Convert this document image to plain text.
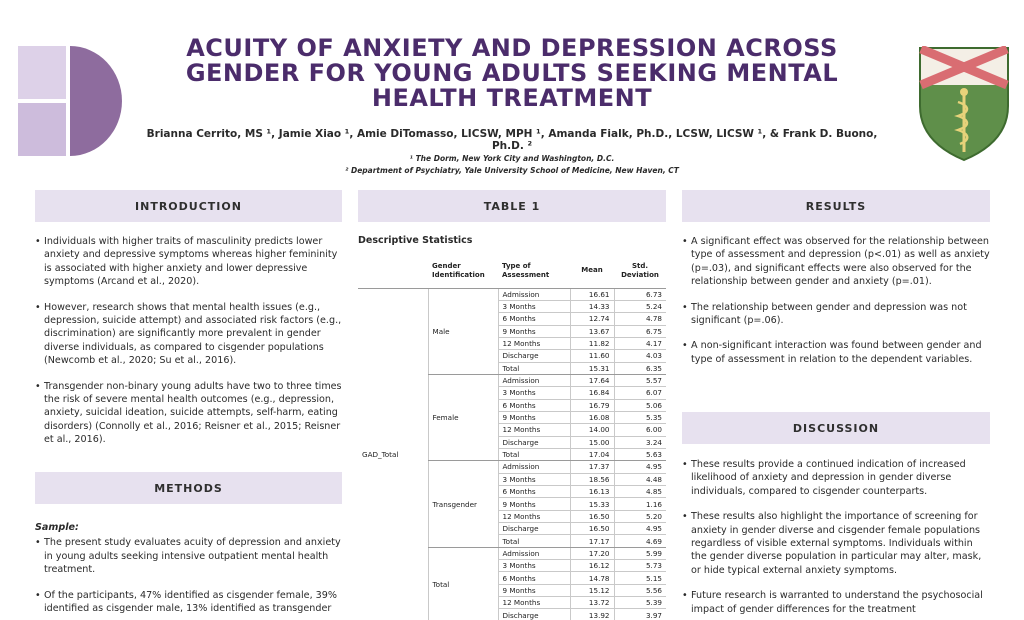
ACUITY OF ANXIETY AND DEPRESSION ACROSS GENDER FOR YOUNG ADULTS SEEKING MENTAL HEALTH TREATMENT
Brianna Cerrito, MS ¹, Jamie Xiao ¹, Amie DiTomasso, LICSW, MPH ¹, Amanda Fialk, Ph.D., LCSW, LICSW ¹, & Frank D. Buono, Ph.D. ²
¹ The Dorm, New York City and Washington, D.C.
² Department of Psychiatry, Yale University School of Medicine, New Haven, CT
INTRODUCTION
• Individuals with higher traits of masculinity predicts lower anxiety and depressive symptoms whereas higher femininity is associated with higher anxiety and lower depressive symptoms (Arcand et al., 2020).
• However, research shows that mental health issues (e.g., depression, suicide attempt) and associated risk factors (e.g., discrimination) are significantly more prevalent in gender diverse individuals, as compared to cisgender populations (Newcomb et al., 2020; Su et al., 2016).
• Transgender non-binary young adults have two to three times the risk of severe mental health outcomes (e.g., depression, anxiety, suicidal ideation, suicide attempts, self-harm, eating disorders) (Connolly et al., 2016; Reisner et al., 2015; Reisner et al., 2016).
METHODS
Sample:
• The present study evaluates acuity of depression and anxiety in young adults seeking intensive outpatient mental health treatment.
• Of the participants, 47% identified as cisgender female, 39% identified as cisgender male, 13% identified as transgender
TABLE 1
Descriptive Statistics
	Gender Identification	Type of Assessment	Mean	Std. Deviation
GAD_Total	Male	Admission	16.61	6.73
		3 Months	14.33	5.24
		6 Months	12.74	4.78
		9 Months	13.67	6.75
		12 Months	11.82	4.17
		Discharge	11.60	4.03
		Total	15.31	6.35
	Female	Admission	17.64	5.57
		3 Months	16.84	6.07
		6 Months	16.79	5.06
		9 Months	16.08	5.35
		12 Months	14.00	6.00
		Discharge	15.00	3.24
		Total	17.04	5.63
	Transgender	Admission	17.37	4.95
		3 Months	18.56	4.48
		6 Months	16.13	4.85
		9 Months	15.33	1.16
		12 Months	16.50	5.20
		Discharge	16.50	4.95
		Total	17.17	4.69
	Total	Admission	17.20	5.99
		3 Months	16.12	5.73
		6 Months	14.78	5.15
		9 Months	15.12	5.56
		12 Months	13.72	5.39
		Discharge	13.92	3.97
RESULTS
• A significant effect was observed for the relationship between type of assessment and depression (p<.01) as well as anxiety (p=.03), and significant effects were also observed for the relationship between gender and anxiety (p=.01).
• The relationship between gender and depression was not significant (p=.06).
• A non-significant interaction was found between gender and type of assessment in relation to the dependent variables.
DISCUSSION
• These results provide a continued indication of increased likelihood of anxiety and depression in gender diverse individuals, compared to cisgender counterparts.
• These results also highlight the importance of screening for anxiety in gender diverse and cisgender female populations regardless of visible external symptoms. Individuals within the gender diverse population in particular may alter, mask, or hide typical external anxiety symptoms.
• Future research is warranted to understand the psychosocial impact of gender differences for the treatment
